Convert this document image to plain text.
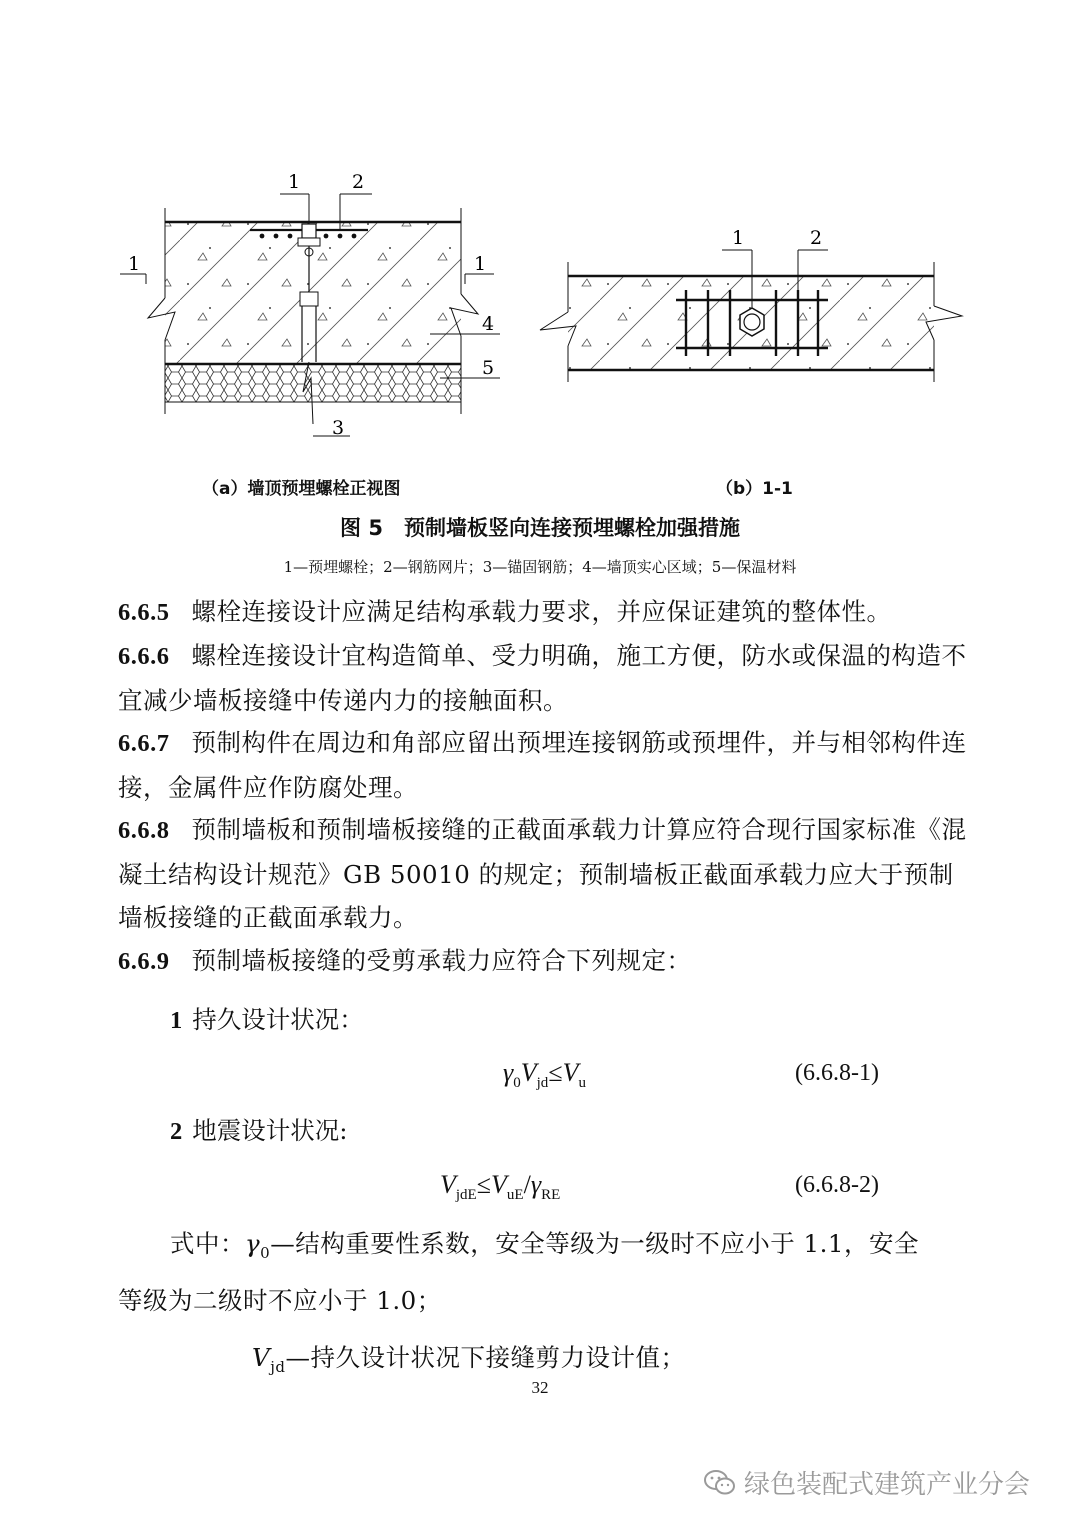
1	2
1	1
4
5
3
1	2
（a）墙顶预埋螺栓正视图	（b）1-1
图 5　预制墙板竖向连接预埋螺栓加强措施
1—预埋螺栓；2—钢筋网片；3—锚固钢筋；4—墙顶实心区域；5—保温材料
6.6.5 螺栓连接设计应满足结构承载力要求，并应保证建筑的整体性。
6.6.6 螺栓连接设计宜构造简单、受力明确，施工方便，防水或保温的构造不宜减少墙板接缝中传递内力的接触面积。
6.6.7 预制构件在周边和角部应留出预埋连接钢筋或预埋件，并与相邻构件连接，金属件应作防腐处理。
6.6.8 预制墙板和预制墙板接缝的正截面承载力计算应符合现行国家标准《混凝土结构设计规范》GB 50010 的规定；预制墙板正截面承载力应大于预制墙板接缝的正截面承载力。
6.6.9 预制墙板接缝的受剪承载力应符合下列规定：
1 持久设计状况：
$\gamma_0V_{jd}\le V_u$	(6.6.8-1)
2 地震设计状况:
$V_{jdE}\le V_{uE}/\gamma_{RE}$	(6.6.8-2)
式中：$\gamma_0—$结构重要性系数，安全等级为一级时不应小于 1.1，安全
等级为二级时不应小于 1.0；
$V_{jd}—$持久设计状况下接缝剪力设计值；
32
绿色装配式建筑产业分会
